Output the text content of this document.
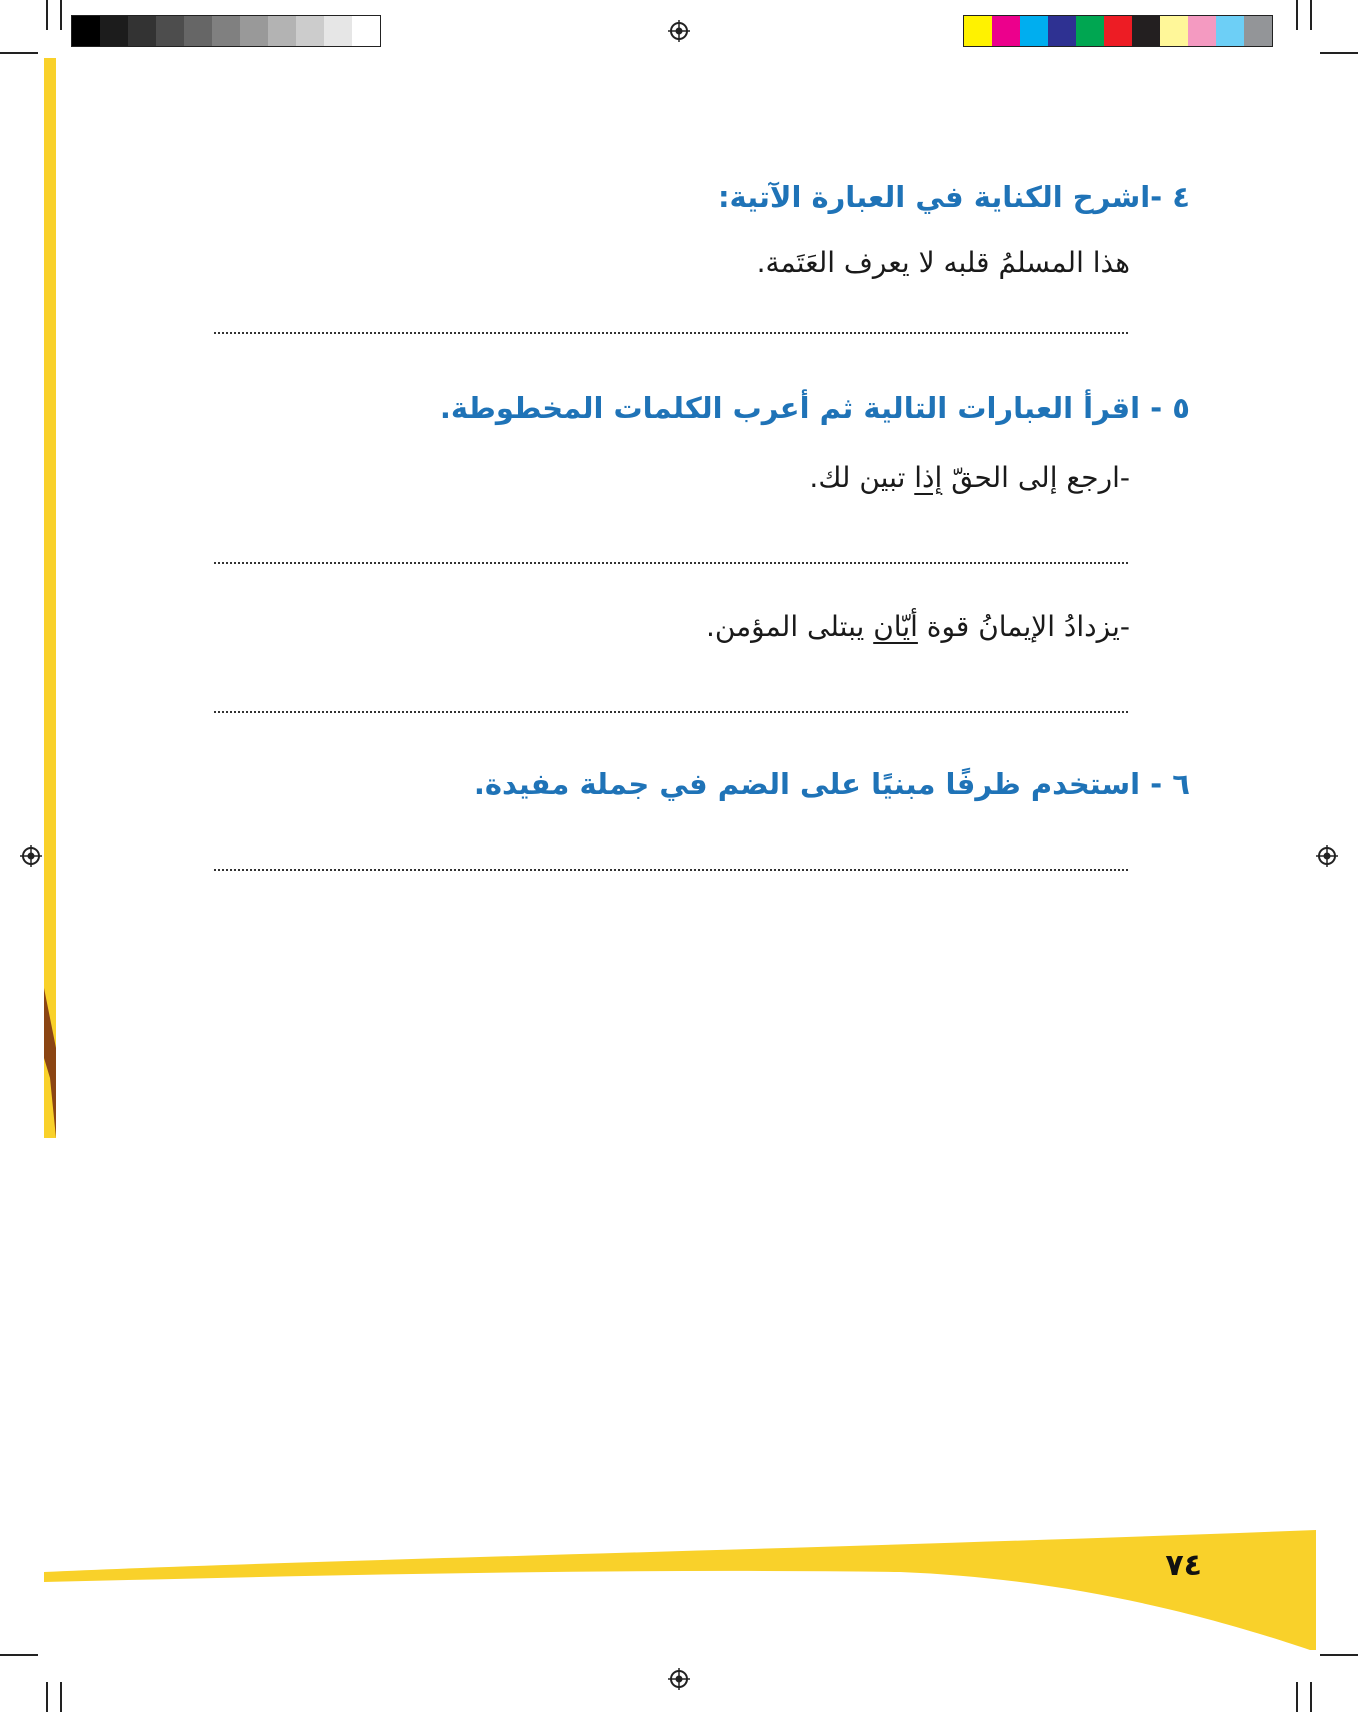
٤ -اشرح الكناية في العبارة الآتية:
هذا المسلمُ قلبه لا يعرف العَتَمة.
٥ - اقرأ العبارات التالية ثم أعرب الكلمات المخطوطة.
-ارجع إلى الحقّ إذا تبين لك.
-يزدادُ الإيمانُ قوة أيّان يبتلى المؤمن.
٦ - استخدم ظرفًا مبنيًا على الضم في جملة مفيدة.
٧٤
